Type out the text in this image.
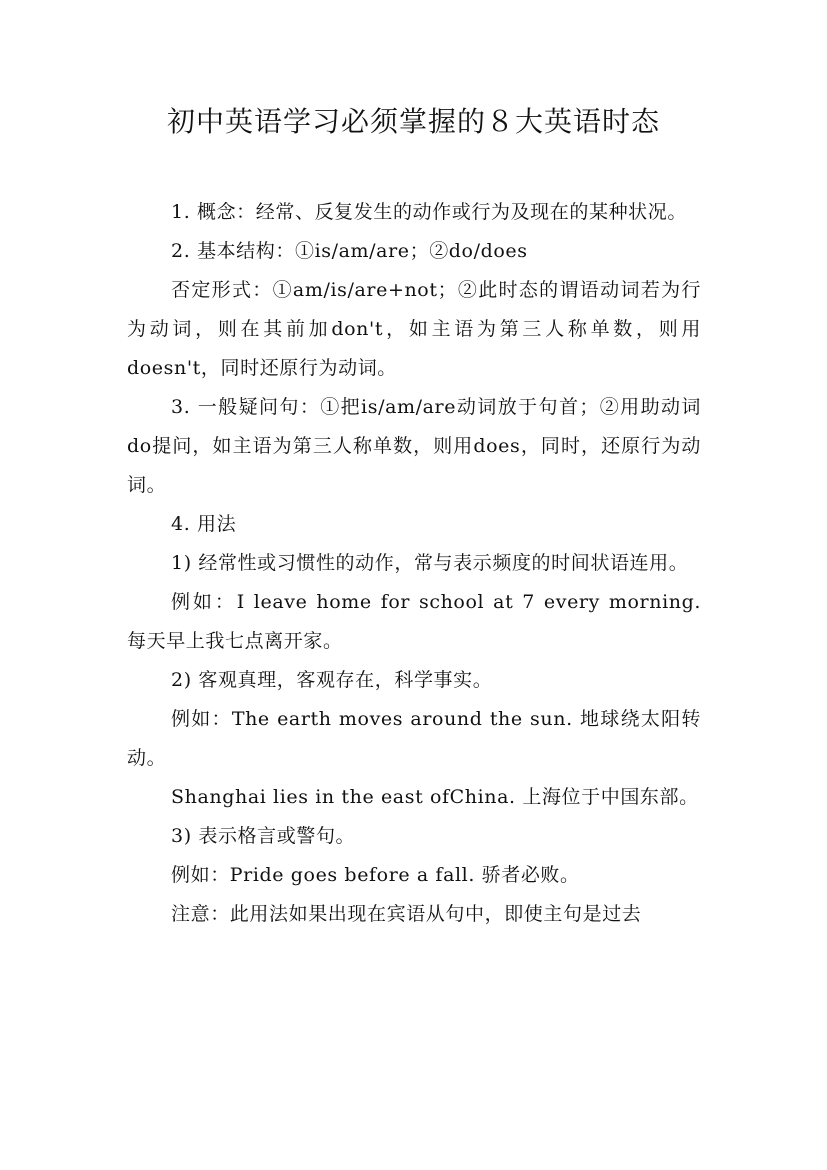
初中英语学习必须掌握的８大英语时态

1. 概念：经常、反复发生的动作或行为及现在的某种状况。

2. 基本结构：①is/am/are；②do/does

否定形式：①am/is/are+not；②此时态的谓语动词若为行为动词，则在其前加don't，如主语为第三人称单数，则用doesn't，同时还原行为动词。

3. 一般疑问句：①把is/am/are动词放于句首；②用助动词do提问，如主语为第三人称单数，则用does，同时，还原行为动词。

4. 用法

1) 经常性或习惯性的动作，常与表示频度的时间状语连用。

例如：I leave home for school at 7 every morning. 每天早上我七点离开家。

2) 客观真理，客观存在，科学事实。

例如：The earth moves around the sun. 地球绕太阳转动。

Shanghai lies in the east ofChina. 上海位于中国东部。

3) 表示格言或警句。

例如：Pride goes before a fall. 骄者必败。

注意：此用法如果出现在宾语从句中，即使主句是过去
